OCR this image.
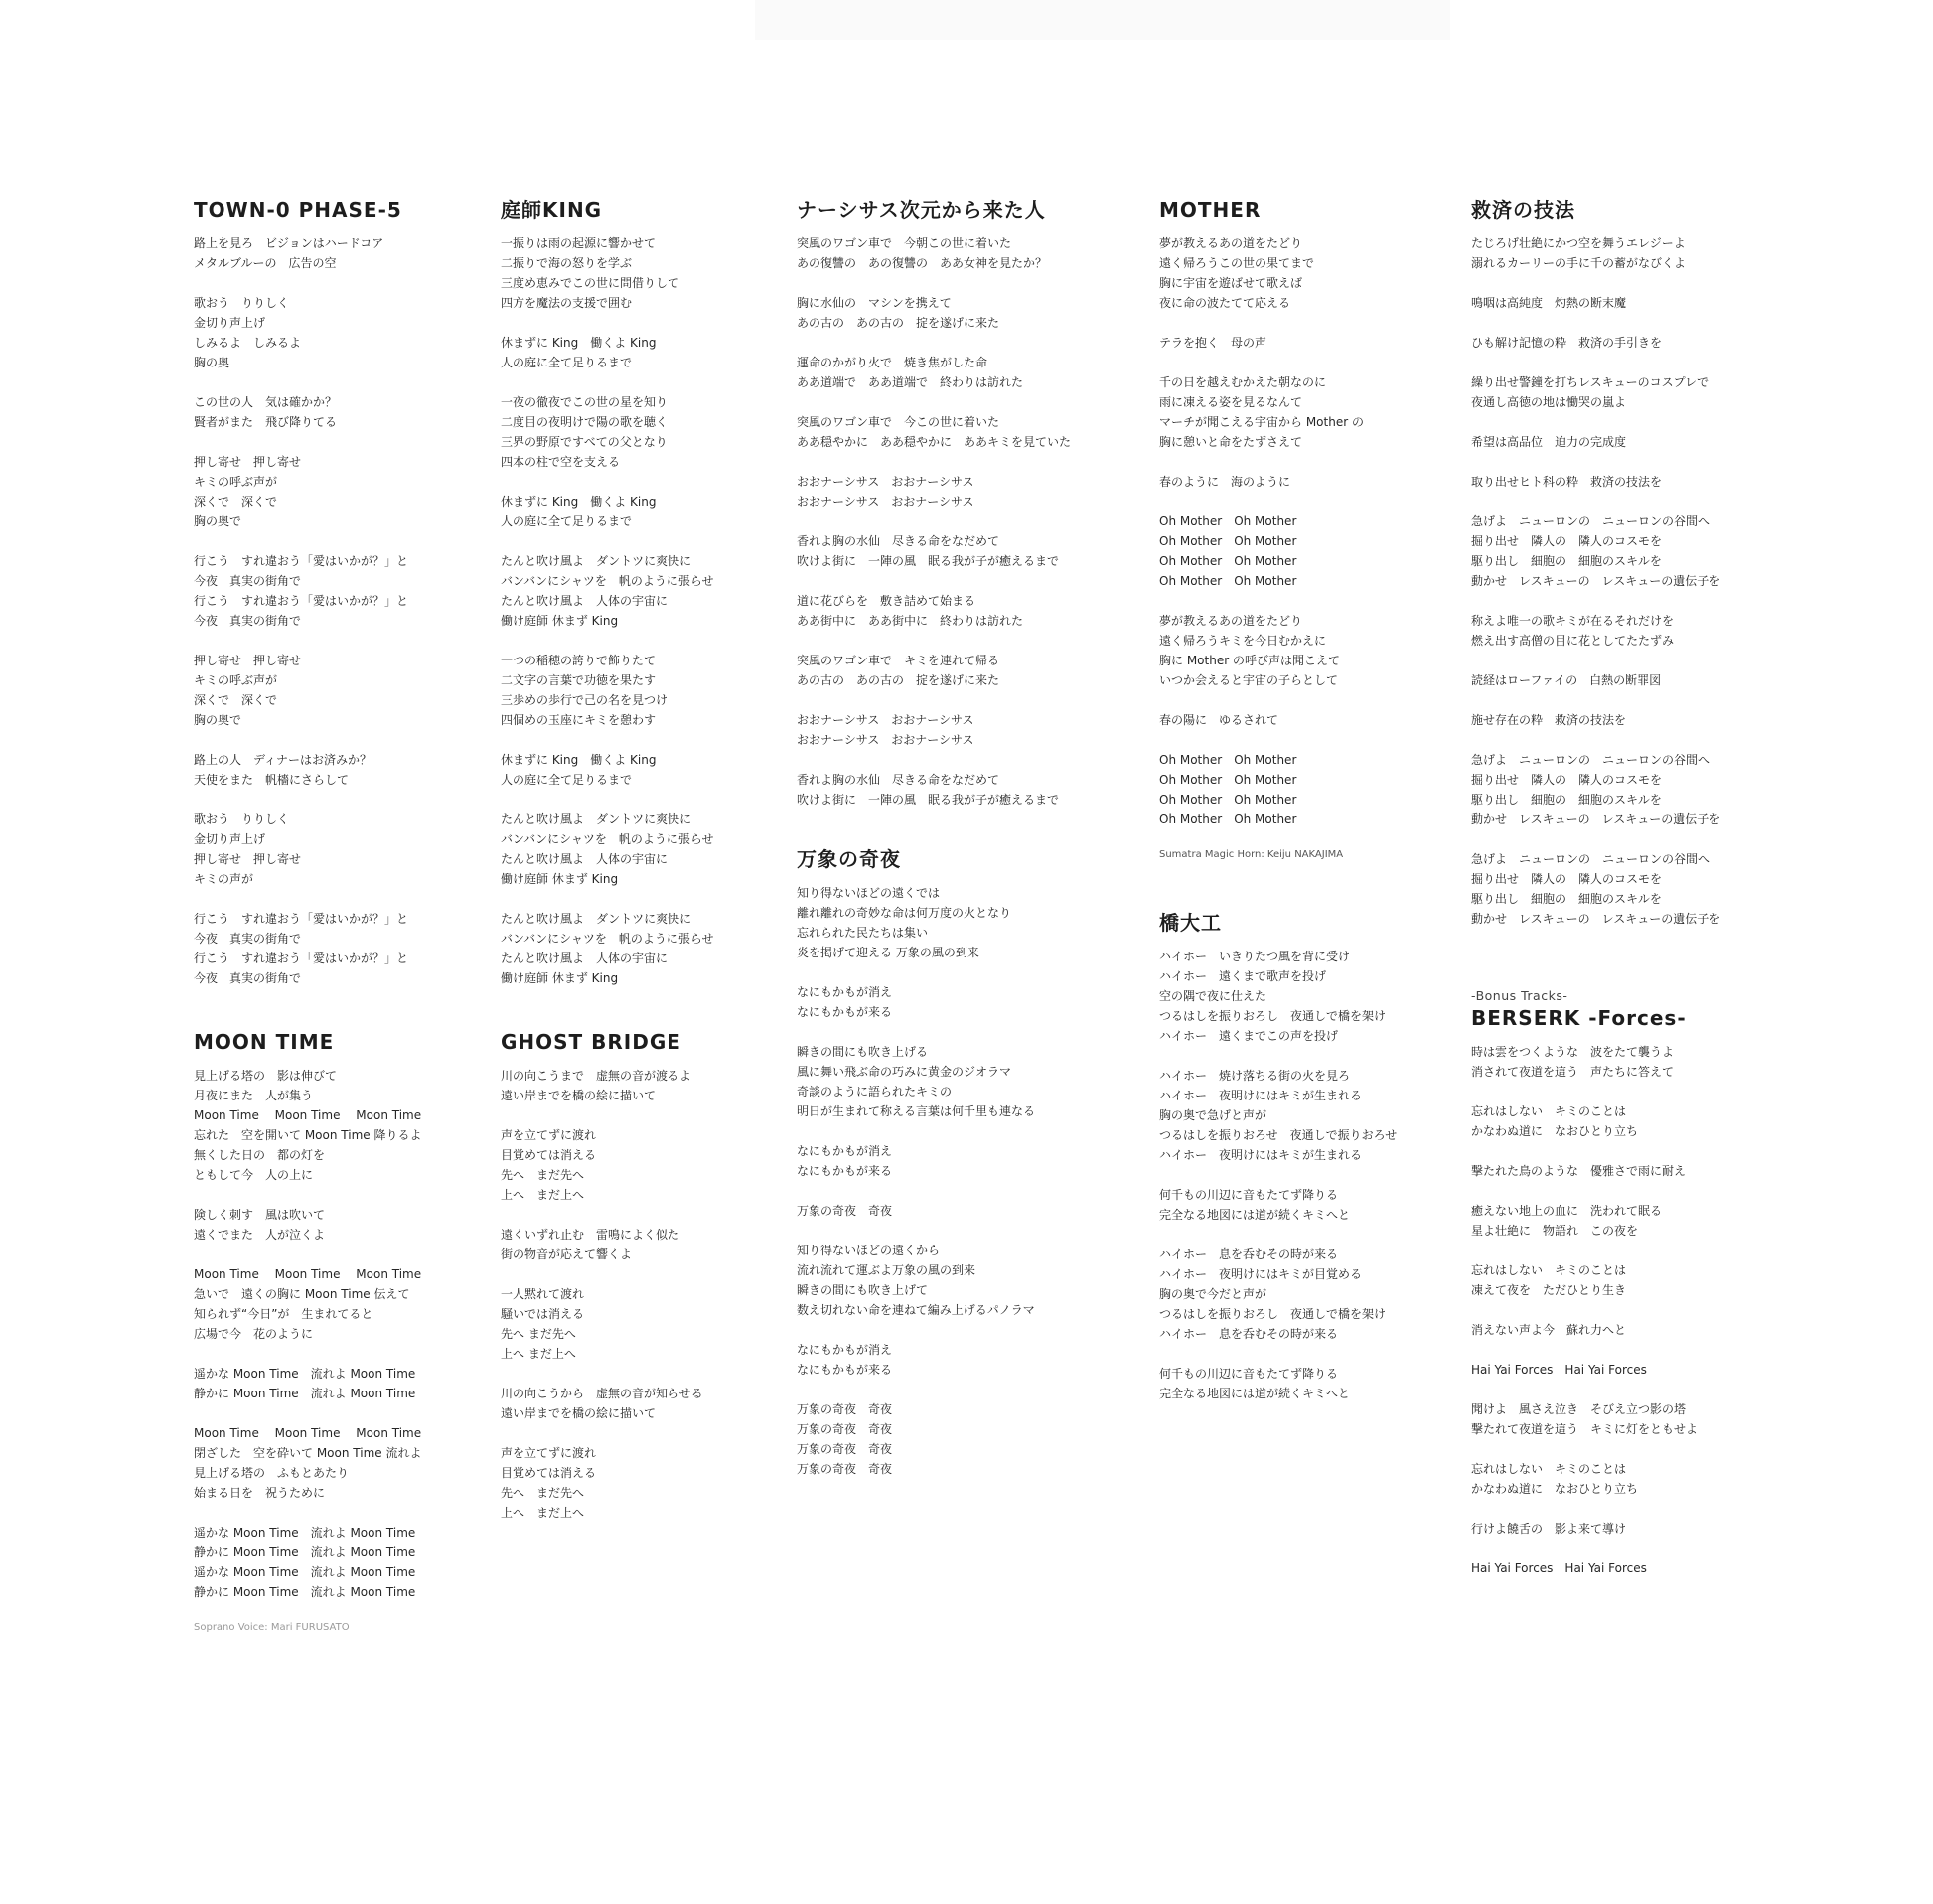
TOWN-0 PHASE-5
路上を見ろ　ビジョンはハードコア
メタルブルーの　広告の空
歌おう　りりしく
金切り声上げ
しみるよ　しみるよ
胸の奥
この世の人　気は確かか？
賢者がまた　飛び降りてる
押し寄せ　押し寄せ
キミの呼ぶ声が
深くで　深くで
胸の奥で
行こう　すれ違おう「愛はいかが？」と
今夜　真実の街角で
行こう　すれ違おう「愛はいかが？」と
今夜　真実の街角で
押し寄せ　押し寄せ
キミの呼ぶ声が
深くで　深くで
胸の奥で
路上の人　ディナーはお済みか？
天使をまた　帆檣にさらして
歌おう　りりしく
金切り声上げ
押し寄せ　押し寄せ
キミの声が
行こう　すれ違おう「愛はいかが？」と
今夜　真実の街角で
行こう　すれ違おう「愛はいかが？」と
今夜　真実の街角で
MOON TIME
見上げる塔の　影は伸びて
月夜にまた　人が集う
Moon Time　 Moon Time　 Moon Time
忘れた　空を開いて Moon Time 降りるよ
無くした日の　都の灯を
ともして今　人の上に
険しく刺す　風は吹いて
遠くでまた　人が泣くよ
Moon Time　 Moon Time　 Moon Time
急いで　遠くの胸に Moon Time 伝えて
知られず“今日”が　生まれてると
広場で今　花のように
遥かな Moon Time　流れよ Moon Time
静かに Moon Time　流れよ Moon Time
Moon Time　 Moon Time　 Moon Time
閉ざした　空を砕いて Moon Time 流れよ
見上げる塔の　ふもとあたり
始まる日を　祝うために
遥かな Moon Time　流れよ Moon Time
静かに Moon Time　流れよ Moon Time
遥かな Moon Time　流れよ Moon Time
静かに Moon Time　流れよ Moon Time
Soprano Voice: Mari FURUSATO
庭師KING
一振りは雨の起源に響かせて
二振りで海の怒りを学ぶ
三度め恵みでこの世に問借りして
四方を魔法の支援で囲む
休まずに King　働くよ King
人の庭に全て足りるまで
一夜の徹夜でこの世の星を知り
二度目の夜明けで陽の歌を聴く
三界の野原ですべての父となり
四本の柱で空を支える
休まずに King　働くよ King
人の庭に全て足りるまで
たんと吹け風よ　ダントツに爽快に
バンバンにシャツを　帆のように張らせ
たんと吹け風よ　人体の宇宙に
働け庭師 休まず King
一つの稲穂の誇りで飾りたて
二文字の言葉で功徳を果たす
三歩めの歩行で己の名を見つけ
四個めの玉座にキミを憩わす
休まずに King　働くよ King
人の庭に全て足りるまで
たんと吹け風よ　ダントツに爽快に
バンバンにシャツを　帆のように張らせ
たんと吹け風よ　人体の宇宙に
働け庭師 休まず King
たんと吹け風よ　ダントツに爽快に
バンバンにシャツを　帆のように張らせ
たんと吹け風よ　人体の宇宙に
働け庭師 休まず King
GHOST BRIDGE
川の向こうまで　虚無の音が渡るよ
遠い岸までを橋の絵に描いて
声を立てずに渡れ
目覚めては消える
先へ　まだ先へ
上へ　まだ上へ
遠くいずれ止む　雷鳴によく似た
街の物音が応えて響くよ
一人黙れて渡れ
騒いでは消える
先へ まだ先へ
上へ まだ上へ
川の向こうから　虚無の音が知らせる
遠い岸までを橋の絵に描いて
声を立てずに渡れ
目覚めては消える
先へ　まだ先へ
上へ　まだ上へ
ナーシサス次元から来た人
突風のワゴン車で　今朝この世に着いた
あの復讐の　あの復讐の　ああ女神を見たか？
胸に水仙の　マシンを携えて
あの古の　あの古の　掟を遂げに来た
運命のかがり火で　焼き焦がした命
ああ道端で　ああ道端で　終わりは訪れた
突風のワゴン車で　今この世に着いた
ああ穏やかに　ああ穏やかに　ああキミを見ていた
おおナーシサス　おおナーシサス
おおナーシサス　おおナーシサス
香れよ胸の水仙　尽きる命をなだめて
吹けよ街に　一陣の風　眠る我が子が癒えるまで
道に花びらを　敷き詰めて始まる
ああ街中に　ああ街中に　終わりは訪れた
突風のワゴン車で　キミを連れて帰る
あの古の　あの古の　掟を遂げに来た
おおナーシサス　おおナーシサス
おおナーシサス　おおナーシサス
香れよ胸の水仙　尽きる命をなだめて
吹けよ街に　一陣の風　眠る我が子が癒えるまで
万象の奇夜
知り得ないほどの遠くでは
離れ離れの奇妙な命は何万度の火となり
忘れられた民たちは集い
炎を掲げて迎える 万象の風の到来
なにもかもが消え
なにもかもが来る
瞬きの間にも吹き上げる
風に舞い飛ぶ命の巧みに黄金のジオラマ
奇談のように語られたキミの
明日が生まれて称える言葉は何千里も連なる
なにもかもが消え
なにもかもが来る
万象の奇夜　奇夜
知り得ないほどの遠くから
流れ流れて運ぶよ万象の風の到来
瞬きの間にも吹き上げて
数え切れない命を連ねて編み上げるパノラマ
なにもかもが消え
なにもかもが来る
万象の奇夜　奇夜
万象の奇夜　奇夜
万象の奇夜　奇夜
万象の奇夜　奇夜
MOTHER
夢が教えるあの道をたどり
遠く帰ろうこの世の果てまで
胸に宇宙を遊ばせて歌えば
夜に命の波たてて応える
テラを抱く　母の声
千の日を越えむかえた朝なのに
雨に凍える姿を見るなんて
マーチが聞こえる宇宙から Mother の
胸に憩いと命をたずさえて
春のように　海のように
Oh Mother　Oh Mother
Oh Mother　Oh Mother
Oh Mother　Oh Mother
Oh Mother　Oh Mother
夢が教えるあの道をたどり
遠く帰ろうキミを今日むかえに
胸に Mother の呼び声は聞こえて
いつか会えると宇宙の子らとして
春の陽に　ゆるされて
Oh Mother　Oh Mother
Oh Mother　Oh Mother
Oh Mother　Oh Mother
Oh Mother　Oh Mother
Sumatra Magic Horn: Keiju NAKAJIMA
橋大工
ハイホー　いきりたつ風を背に受け
ハイホー　遠くまで歌声を投げ
空の隅で夜に仕えた
つるはしを振りおろし　夜通しで橋を架け
ハイホー　遠くまでこの声を投げ
ハイホー　焼け落ちる街の火を見ろ
ハイホー　夜明けにはキミが生まれる
胸の奥で急げと声が
つるはしを振りおろせ　夜通しで振りおろせ
ハイホー　夜明けにはキミが生まれる
何千もの川辺に音もたてず降りる
完全なる地図には道が続くキミへと
ハイホー　息を呑むその時が来る
ハイホー　夜明けにはキミが目覚める
胸の奥で今だと声が
つるはしを振りおろし　夜通しで橋を架け
ハイホー　息を呑むその時が来る
何千もの川辺に音もたてず降りる
完全なる地図には道が続くキミへと
救済の技法
たじろげ壮絶にかつ空を舞うエレジーよ
溺れるカーリーの手に千の蓄がなびくよ
鳴咽は高純度　灼熱の断末魔
ひも解け記憶の粋　救済の手引きを
繰り出せ警鐘を打ちレスキューのコスプレで
夜通し高徳の地は慟哭の嵐よ
希望は高品位　迫力の完成度
取り出せヒト科の粋　救済の技法を
急げよ　ニューロンの　ニューロンの谷間へ
掘り出せ　隣人の　隣人のコスモを
駆り出し　細胞の　細胞のスキルを
動かせ　レスキューの　レスキューの遺伝子を
称えよ唯一の歌キミが在るそれだけを
燃え出す高僧の目に花としてたたずみ
読経はローファイの　白熱の断罪図
施せ存在の粋　救済の技法を
急げよ　ニューロンの　ニューロンの谷間へ
掘り出せ　隣人の　隣人のコスモを
駆り出し　細胞の　細胞のスキルを
動かせ　レスキューの　レスキューの遺伝子を
急げよ　ニューロンの　ニューロンの谷間へ
掘り出せ　隣人の　隣人のコスモを
駆り出し　細胞の　細胞のスキルを
動かせ　レスキューの　レスキューの遺伝子を
-Bonus Tracks-
BERSERK -Forces-
時は雲をつくような　波をたて襲うよ
消されて夜道を這う　声たちに答えて
忘れはしない　キミのことは
かなわぬ道に　なおひとり立ち
撃たれた鳥のような　優雅さで雨に耐え
癒えない地上の血に　洗われて眠る
星よ壮絶に　物語れ　この夜を
忘れはしない　キミのことは
凍えて夜を　ただひとり生き
消えない声よ今　蘇れ力へと
Hai Yai Forces　Hai Yai Forces
聞けよ　風さえ泣き　そびえ立つ影の塔
撃たれて夜道を這う　キミに灯をともせよ
忘れはしない　キミのことは
かなわぬ道に　なおひとり立ち
行けよ饒舌の　影よ来て導け
Hai Yai Forces　Hai Yai Forces
